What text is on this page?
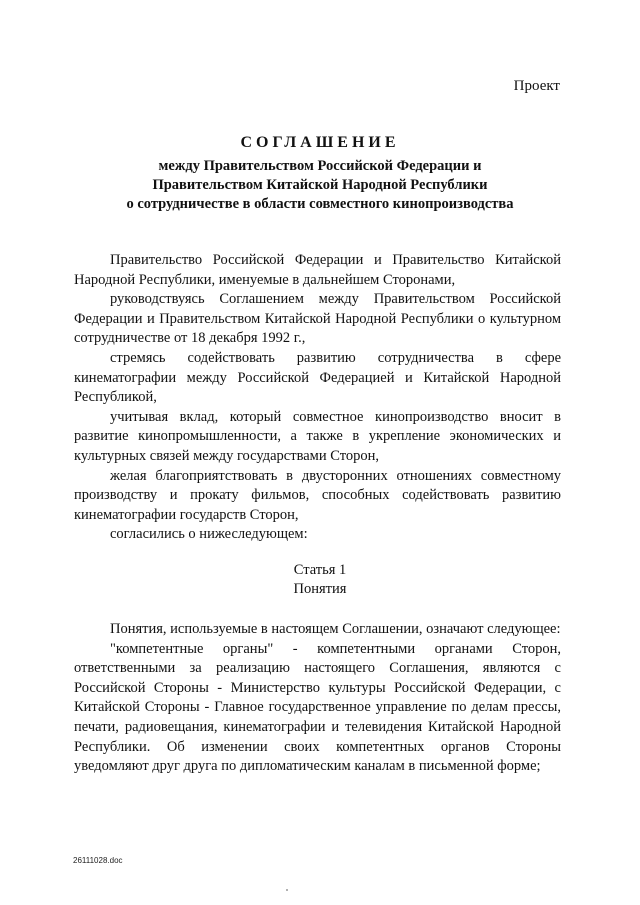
Проект
СОГЛАШЕНИЕ
между Правительством Российской Федерации и
Правительством Китайской Народной Республики
о сотрудничестве в области совместного кинопроизводства

Правительство Российской Федерации и Правительство Китайской Народной Республики, именуемые в дальнейшем Сторонами,

руководствуясь Соглашением между Правительством Российской Федерации и Правительством Китайской Народной Республики о культурном сотрудничестве от 18 декабря 1992 г.,

стремясь содействовать развитию сотрудничества в сфере кинематографии между Российской Федерацией и Китайской Народной Республикой,

учитывая вклад, который совместное кинопроизводство вносит в развитие кинопромышленности, а также в укрепление экономических и культурных связей между государствами Сторон,

желая благоприятствовать в двусторонних отношениях совместному производству и прокату фильмов, способных содействовать развитию кинематографии государств Сторон,

согласились о нижеследующем:

Статья 1
Понятия

Понятия, используемые в настоящем Соглашении, означают следующее:

"компетентные органы" - компетентными органами Сторон, ответственными за реализацию настоящего Соглашения, являются с Российской Стороны - Министерство культуры Российской Федерации, с Китайской Стороны - Главное государственное управление по делам прессы, печати, радиовещания, кинематографии и телевидения Китайской Народной Республики. Об изменении своих компетентных органов Стороны уведомляют друг друга по дипломатическим каналам в письменной форме;

26111028.doc
